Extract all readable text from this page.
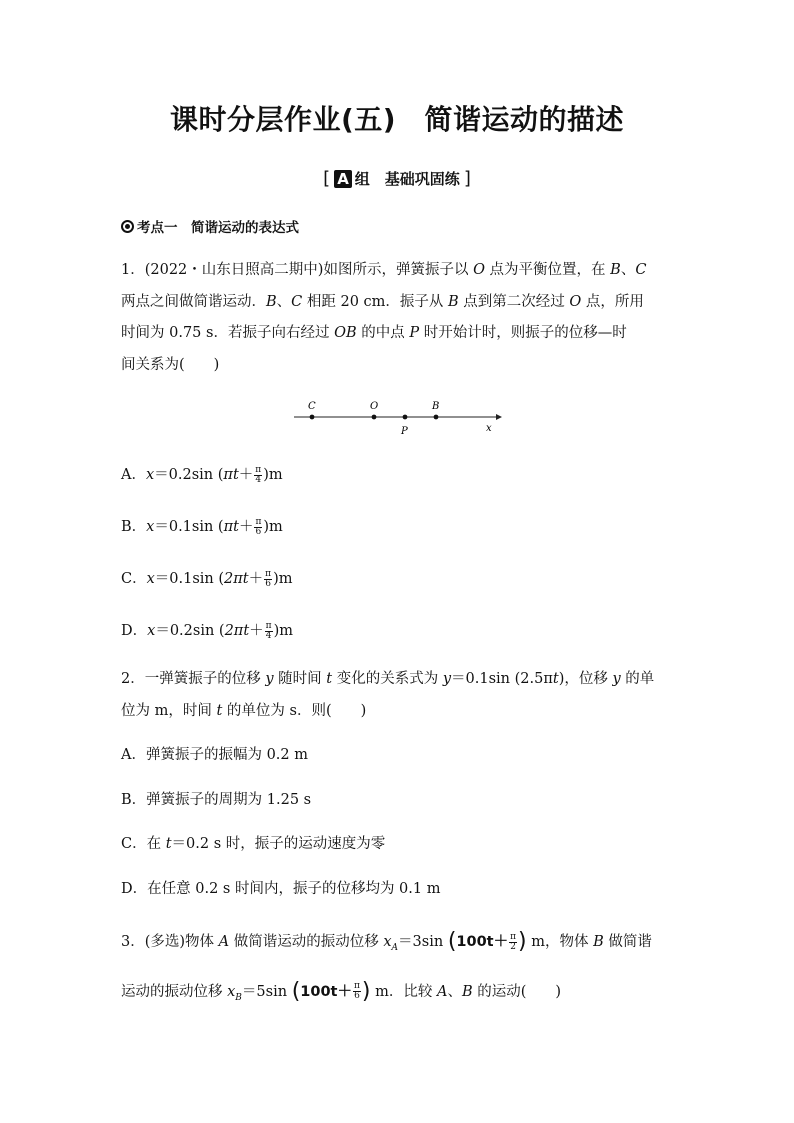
课时分层作业(五)　简谐运动的描述
[ A 组　基础巩固练 ]
考点一　简谐运动的表达式
1．(2022・山东日照高二期中)如图所示，弹簧振子以 O 点为平衡位置，在 B、C
两点之间做简谐运动．B、C 相距 20 cm．振子从 B 点到第二次经过 O 点，所用
时间为 0.75 s．若振子向右经过 OB 的中点 P 时开始计时，则振子的位移—时
间关系为(　　)
C	O
P
B
x
A．x＝0.2sin $(\pi t+ \frac{\pi}{4} )m$
B．x＝0.1sin $(\pi t+ \frac{\pi}{6} )m$
C．x＝0.1sin $(2\pi t+ \frac{\pi}{6} )m$
D．x＝0.2sin $(2\pi t+ \frac{\pi}{4} )m$
2．一弹簧振子的位移 y 随时间 t 变化的关系式为 y＝0.1sin (2.5πt)，位移 y 的单
位为 m，时间 t 的单位为 s．则(　　)
A．弹簧振子的振幅为 0.2 m
B．弹簧振子的周期为 1.25 s
C．在 t＝0.2 s 时，振子的运动速度为零
D．在任意 0.2 s 时间内，振子的位移均为 0.1 m
3．(多选)物体 A 做简谐运动的振动位移 $x_A=3\sin$ ($100t+ \frac{\pi}{2}$ ) m，物体 B 做简谐
运动的振动位移 $x_B=5\sin$ ($100t+ \frac{\pi}{6}$ ) m．比较 A、B 的运动(　　)
